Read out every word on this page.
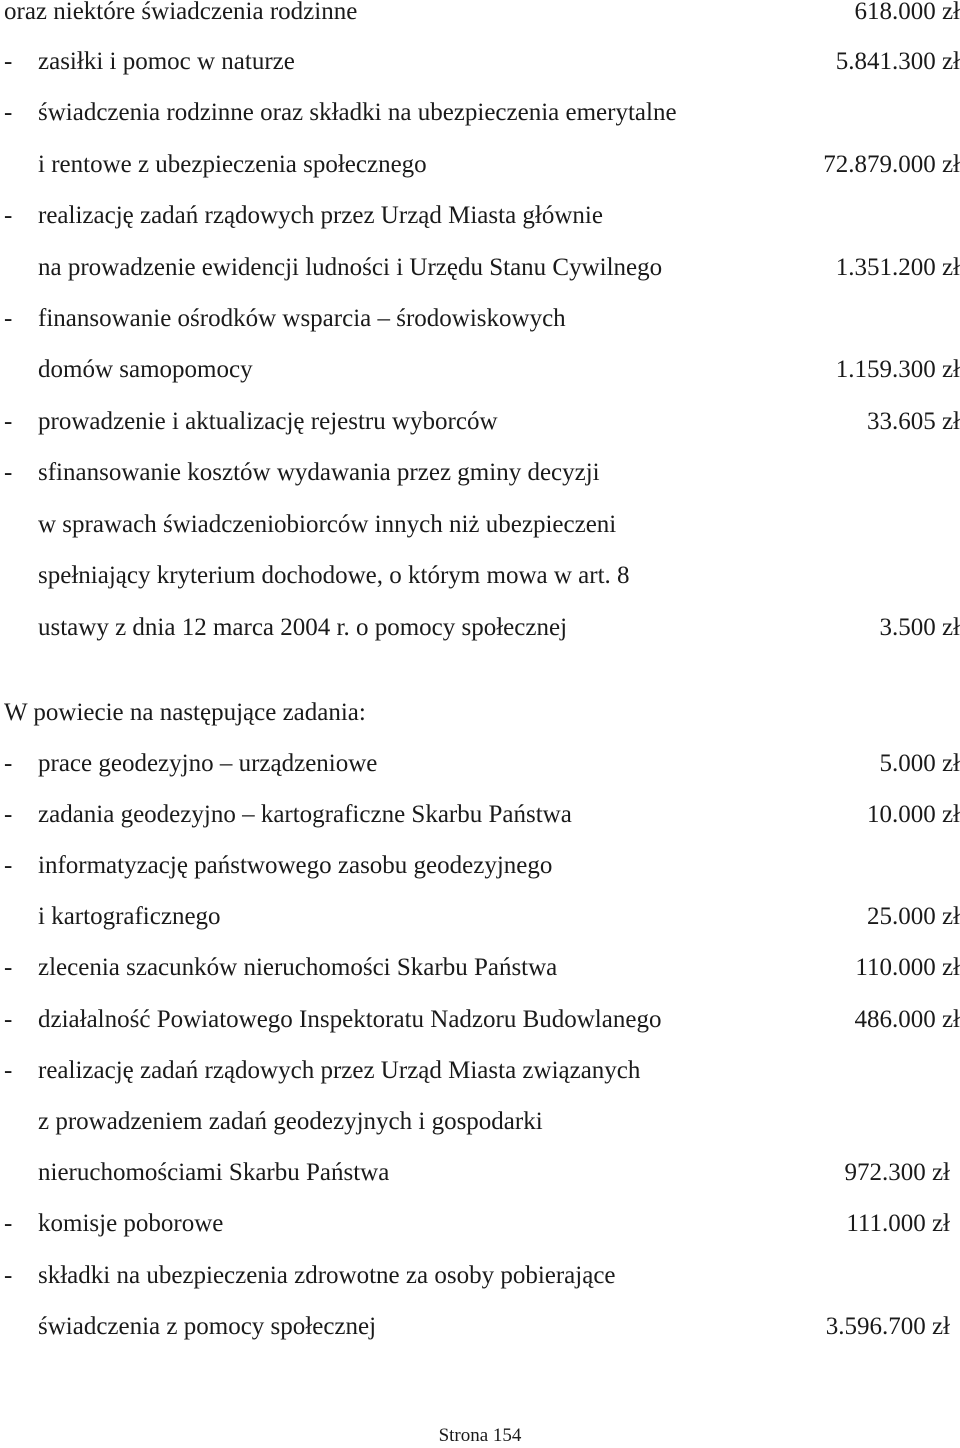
oraz niektóre świadczenia rodzinne	618.000 zł
- zasiłki i pomoc w naturze	5.841.300 zł
- świadczenia rodzinne oraz składki na ubezpieczenia emerytalne
i rentowe z ubezpieczenia społecznego	72.879.000 zł
- realizację zadań rządowych przez Urząd Miasta głównie
na prowadzenie ewidencji ludności i Urzędu Stanu Cywilnego	1.351.200 zł
- finansowanie ośrodków wsparcia – środowiskowych
domów samopomocy	1.159.300 zł
- prowadzenie i aktualizację rejestru wyborców	33.605 zł
- sfinansowanie kosztów wydawania przez gminy decyzji
w sprawach świadczeniobiorców innych niż ubezpieczeni
spełniający kryterium dochodowe, o którym mowa w art. 8
ustawy z dnia 12 marca 2004 r. o pomocy społecznej	3.500 zł
W powiecie na następujące zadania:
- prace geodezyjno – urządzeniowe	5.000 zł
- zadania geodezyjno – kartograficzne Skarbu Państwa	10.000 zł
- informatyzację państwowego zasobu geodezyjnego
i kartograficznego	25.000 zł
- zlecenia szacunków nieruchomości Skarbu Państwa	110.000 zł
- działalność Powiatowego Inspektoratu Nadzoru Budowlanego	486.000 zł
- realizację zadań rządowych przez Urząd Miasta związanych
z prowadzeniem zadań geodezyjnych i gospodarki
nieruchomościami Skarbu Państwa	972.300 zł
- komisje poborowe	111.000 zł
- składki na ubezpieczenia zdrowotne za osoby pobierające
świadczenia z pomocy społecznej	3.596.700 zł
Strona 154
